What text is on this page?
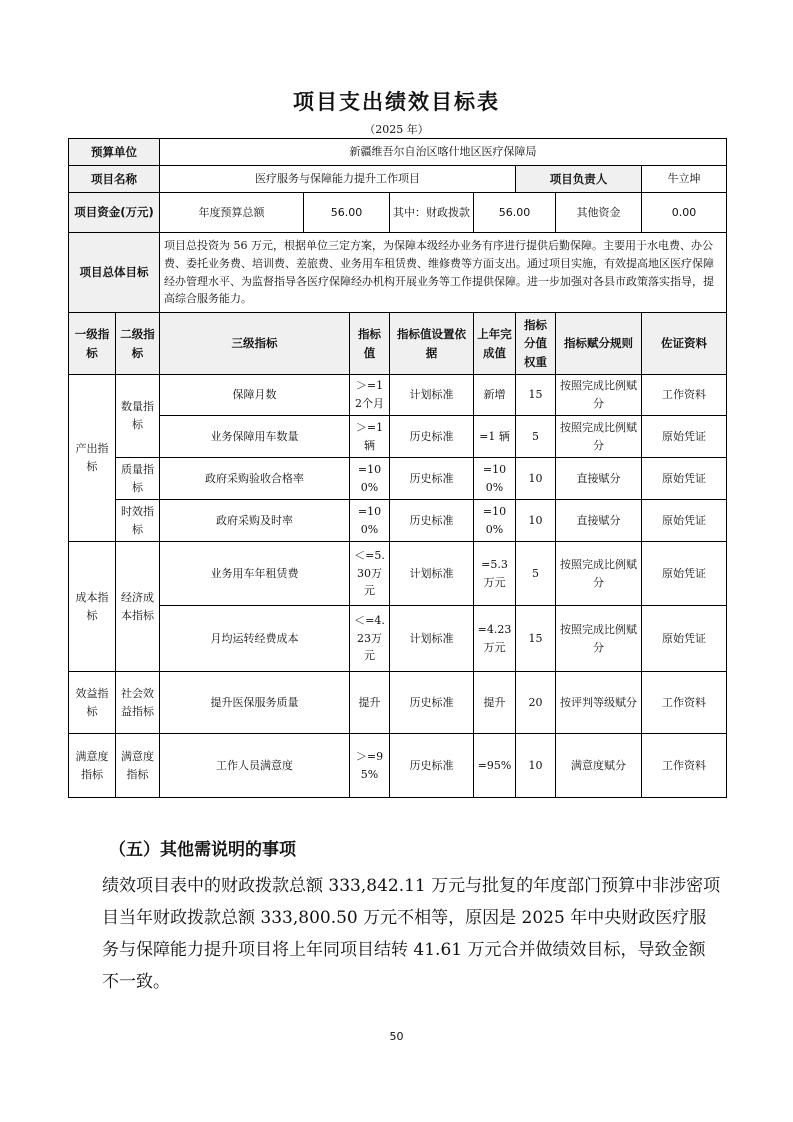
项目支出绩效目标表
（2025 年）
预算单位		新疆维吾尔自治区喀什地区医疗保障局							
项目名称		医疗服务与保障能力提升工作项目					项目负责人		牛立坤
项目资金(万元)		年度预算总额	56.00		其中：财政拨款	56.00		其他资金	0.00
项目总体目标		项目总投资为 56 万元，根据单位三定方案，为保障本级经办业务有序进行提供后勤保障。主要用于水电费、办公费、委托业务费、培训费、差旅费、业务用车租赁费、维修费等方面支出。通过项目实施，有效提高地区医疗保障经办管理水平、为监督指导各医疗保障经办机构开展业务等工作提供保障。进一步加强对各县市政策落实指导，提高综合服务能力。							
一级指标	二级指标	三级指标		指标值	指标值设置依据	上年完成值	指标分值权重	指标赋分规则	佐证资料
产出指标	数量指标	保障月数		＞=12个月	计划标准	新增	15	按照完成比例赋分	工作资料
		业务保障用车数量		＞=1辆	历史标准	=1 辆	5	按照完成比例赋分	原始凭证
	质量指标	政府采购验收合格率		=100%	历史标准	=100%	10	直接赋分	原始凭证
	时效指标	政府采购及时率		=100%	历史标准	=100%	10	直接赋分	原始凭证
成本指标	经济成本指标	业务用车年租赁费		＜=5.30万元	计划标准	=5.3万元	5	按照完成比例赋分	原始凭证
		月均运转经费成本		＜=4.23万元	计划标准	=4.23万元	15	按照完成比例赋分	原始凭证
效益指标	社会效益指标	提升医保服务质量		提升	历史标准	提升	20	按评判等级赋分	工作资料
满意度指标	满意度指标	工作人员满意度		＞=95%	历史标准	=95%	10	满意度赋分	工作资料
（五）其他需说明的事项
绩效项目表中的财政拨款总额 333,842.11 万元与批复的年度部门预算中非涉密项目当年财政拨款总额 333,800.50 万元不相等，原因是 2025 年中央财政医疗服务与保障能力提升项目将上年同项目结转 41.61 万元合并做绩效目标，导致金额不一致。
50
